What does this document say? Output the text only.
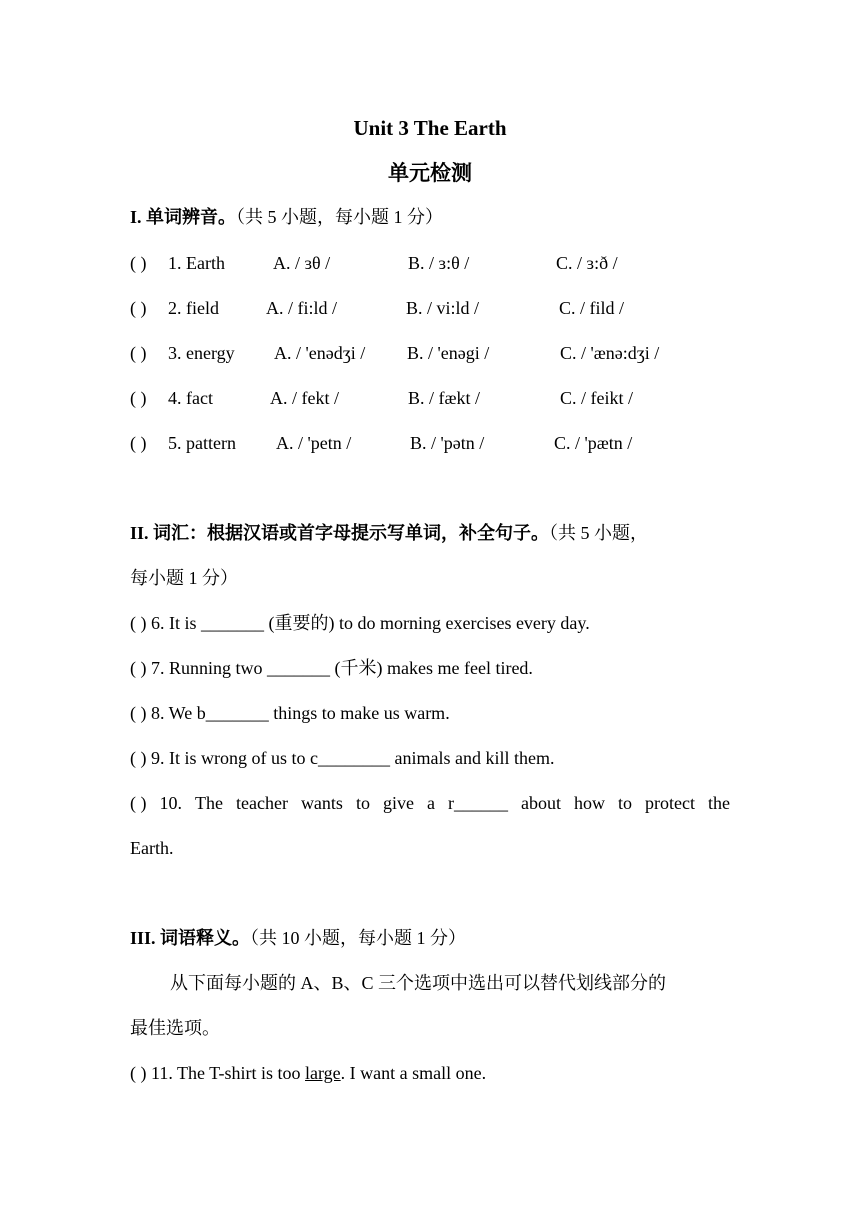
Unit 3 The Earth
单元检测
I. 单词辨音。（共 5 小题，每小题 1 分）
( ) 1. Earth	A. / ɜθ /	B. / ɜ:θ /	C. / ɜ:ð /
( ) 2. field	A. / fi:ld /	B. / vi:ld /	C. / fild /
( ) 3. energy A. / 'enədʒi / B. / 'enəgi /	C. / 'ænə:dʒi /
( ) 4. fact	A. / fekt /	B. / fækt /	C. / feikt /
( ) 5. pattern A. / 'petn /	B. / 'pətn /	C. / 'pætn /
II. 词汇：根据汉语或首字母提示写单词，补全句子。（共 5 小题，
每小题 1 分）
( ) 6. It is _______ (重要的) to do morning exercises every day.
( ) 7. Running two _______ (千米) makes me feel tired.
( ) 8. We b_______ things to make us warm.
( ) 9. It is wrong of us to c________ animals and kill them.
( ) 10. The teacher wants to give a r______ about how to protect the
Earth.
III. 词语释义。（共 10 小题，每小题 1 分）
从下面每小题的 A、B、C 三个选项中选出可以替代划线部分的
最佳选项。
( ) 11. The T-shirt is too large. I want a small one.
